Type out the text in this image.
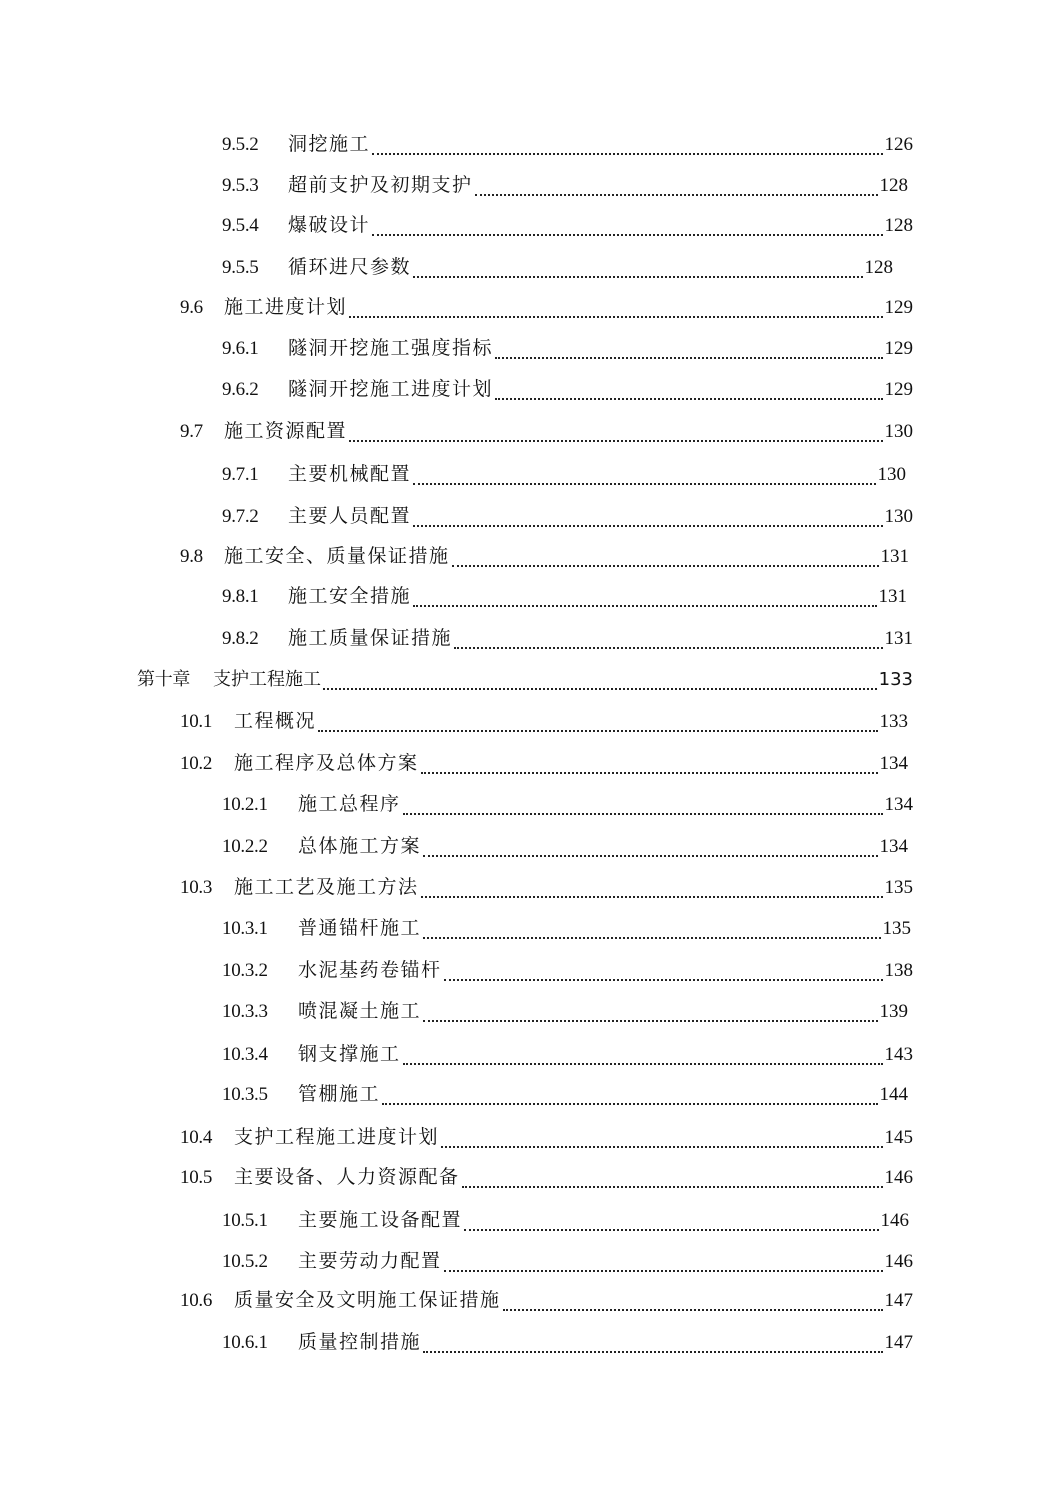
9.5.2	洞挖施工	126
9.5.3	超前支护及初期支护	128
9.5.4	爆破设计	128
9.5.5	循环进尺参数	128
9.6	施工进度计划	129
9.6.1	隧洞开挖施工强度指标	129
9.6.2	隧洞开挖施工进度计划	129
9.7	施工资源配置	130
9.7.1	主要机械配置	130
9.7.2	主要人员配置	130
9.8	施工安全、质量保证措施	131
9.8.1	施工安全措施	131
9.8.2	施工质量保证措施	131
第十章	支护工程施工	133
10.1	工程概况	133
10.2	施工程序及总体方案	134
10.2.1	施工总程序	134
10.2.2	总体施工方案	134
10.3	施工工艺及施工方法	135
10.3.1	普通锚杆施工	135
10.3.2	水泥基药卷锚杆	138
10.3.3	喷混凝土施工	139
10.3.4	钢支撑施工	143
10.3.5	管棚施工	144
10.4	支护工程施工进度计划	145
10.5	主要设备、人力资源配备	146
10.5.1	主要施工设备配置	146
10.5.2	主要劳动力配置	146
10.6	质量安全及文明施工保证措施	147
10.6.1	质量控制措施	147
